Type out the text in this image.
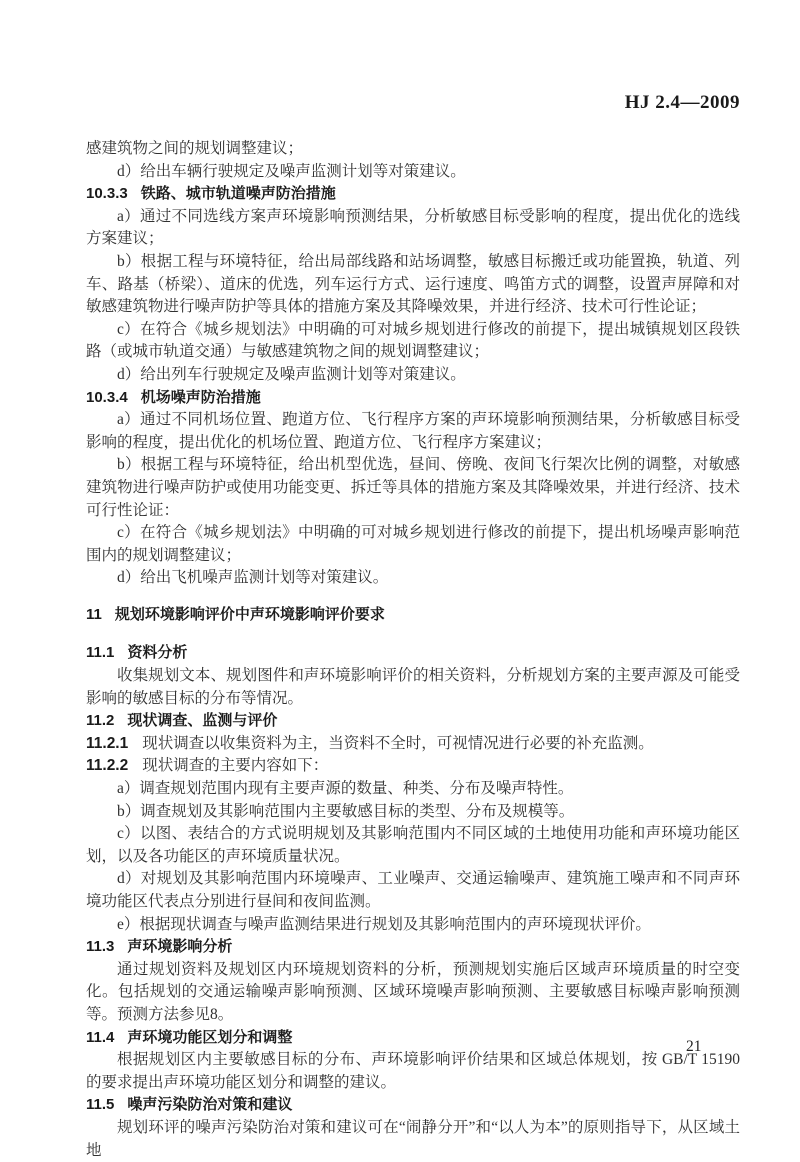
HJ 2.4—2009

感建筑物之间的规划调整建议；

d）给出车辆行驶规定及噪声监测计划等对策建议。

10.3.3 铁路、城市轨道噪声防治措施

a）通过不同选线方案声环境影响预测结果，分析敏感目标受影响的程度，提出优化的选线方案建议；

b）根据工程与环境特征，给出局部线路和站场调整，敏感目标搬迁或功能置换，轨道、列车、路基（桥梁）、道床的优选，列车运行方式、运行速度、鸣笛方式的调整，设置声屏障和对敏感建筑物进行噪声防护等具体的措施方案及其降噪效果，并进行经济、技术可行性论证；

c）在符合《城乡规划法》中明确的可对城乡规划进行修改的前提下，提出城镇规划区段铁路（或城市轨道交通）与敏感建筑物之间的规划调整建议；

d）给出列车行驶规定及噪声监测计划等对策建议。

10.3.4 机场噪声防治措施

a）通过不同机场位置、跑道方位、飞行程序方案的声环境影响预测结果，分析敏感目标受影响的程度，提出优化的机场位置、跑道方位、飞行程序方案建议；

b）根据工程与环境特征，给出机型优选，昼间、傍晚、夜间飞行架次比例的调整，对敏感建筑物进行噪声防护或使用功能变更、拆迁等具体的措施方案及其降噪效果，并进行经济、技术可行性论证：

c）在符合《城乡规划法》中明确的可对城乡规划进行修改的前提下，提出机场噪声影响范围内的规划调整建议；

d）给出飞机噪声监测计划等对策建议。

11 规划环境影响评价中声环境影响评价要求

11.1 资料分析

收集规划文本、规划图件和声环境影响评价的相关资料，分析规划方案的主要声源及可能受影响的敏感目标的分布等情况。

11.2 现状调查、监测与评价

11.2.1 现状调查以收集资料为主，当资料不全时，可视情况进行必要的补充监测。

11.2.2 现状调查的主要内容如下：

a）调查规划范围内现有主要声源的数量、种类、分布及噪声特性。

b）调查规划及其影响范围内主要敏感目标的类型、分布及规模等。

c）以图、表结合的方式说明规划及其影响范围内不同区域的土地使用功能和声环境功能区划，以及各功能区的声环境质量状况。

d）对规划及其影响范围内环境噪声、工业噪声、交通运输噪声、建筑施工噪声和不同声环境功能区代表点分别进行昼间和夜间监测。

e）根据现状调查与噪声监测结果进行规划及其影响范围内的声环境现状评价。

11.3 声环境影响分析

通过规划资料及规划区内环境规划资料的分析，预测规划实施后区域声环境质量的时空变化。包括规划的交通运输噪声影响预测、区域环境噪声影响预测、主要敏感目标噪声影响预测等。预测方法参见8。

11.4 声环境功能区划分和调整

根据规划区内主要敏感目标的分布、声环境影响评价结果和区域总体规划，按 GB/T 15190 的要求提出声环境功能区划分和调整的建议。

11.5 噪声污染防治对策和建议

规划环评的噪声污染防治对策和建议可在“闹静分开”和“以人为本”的原则指导下，从区域土地

21
